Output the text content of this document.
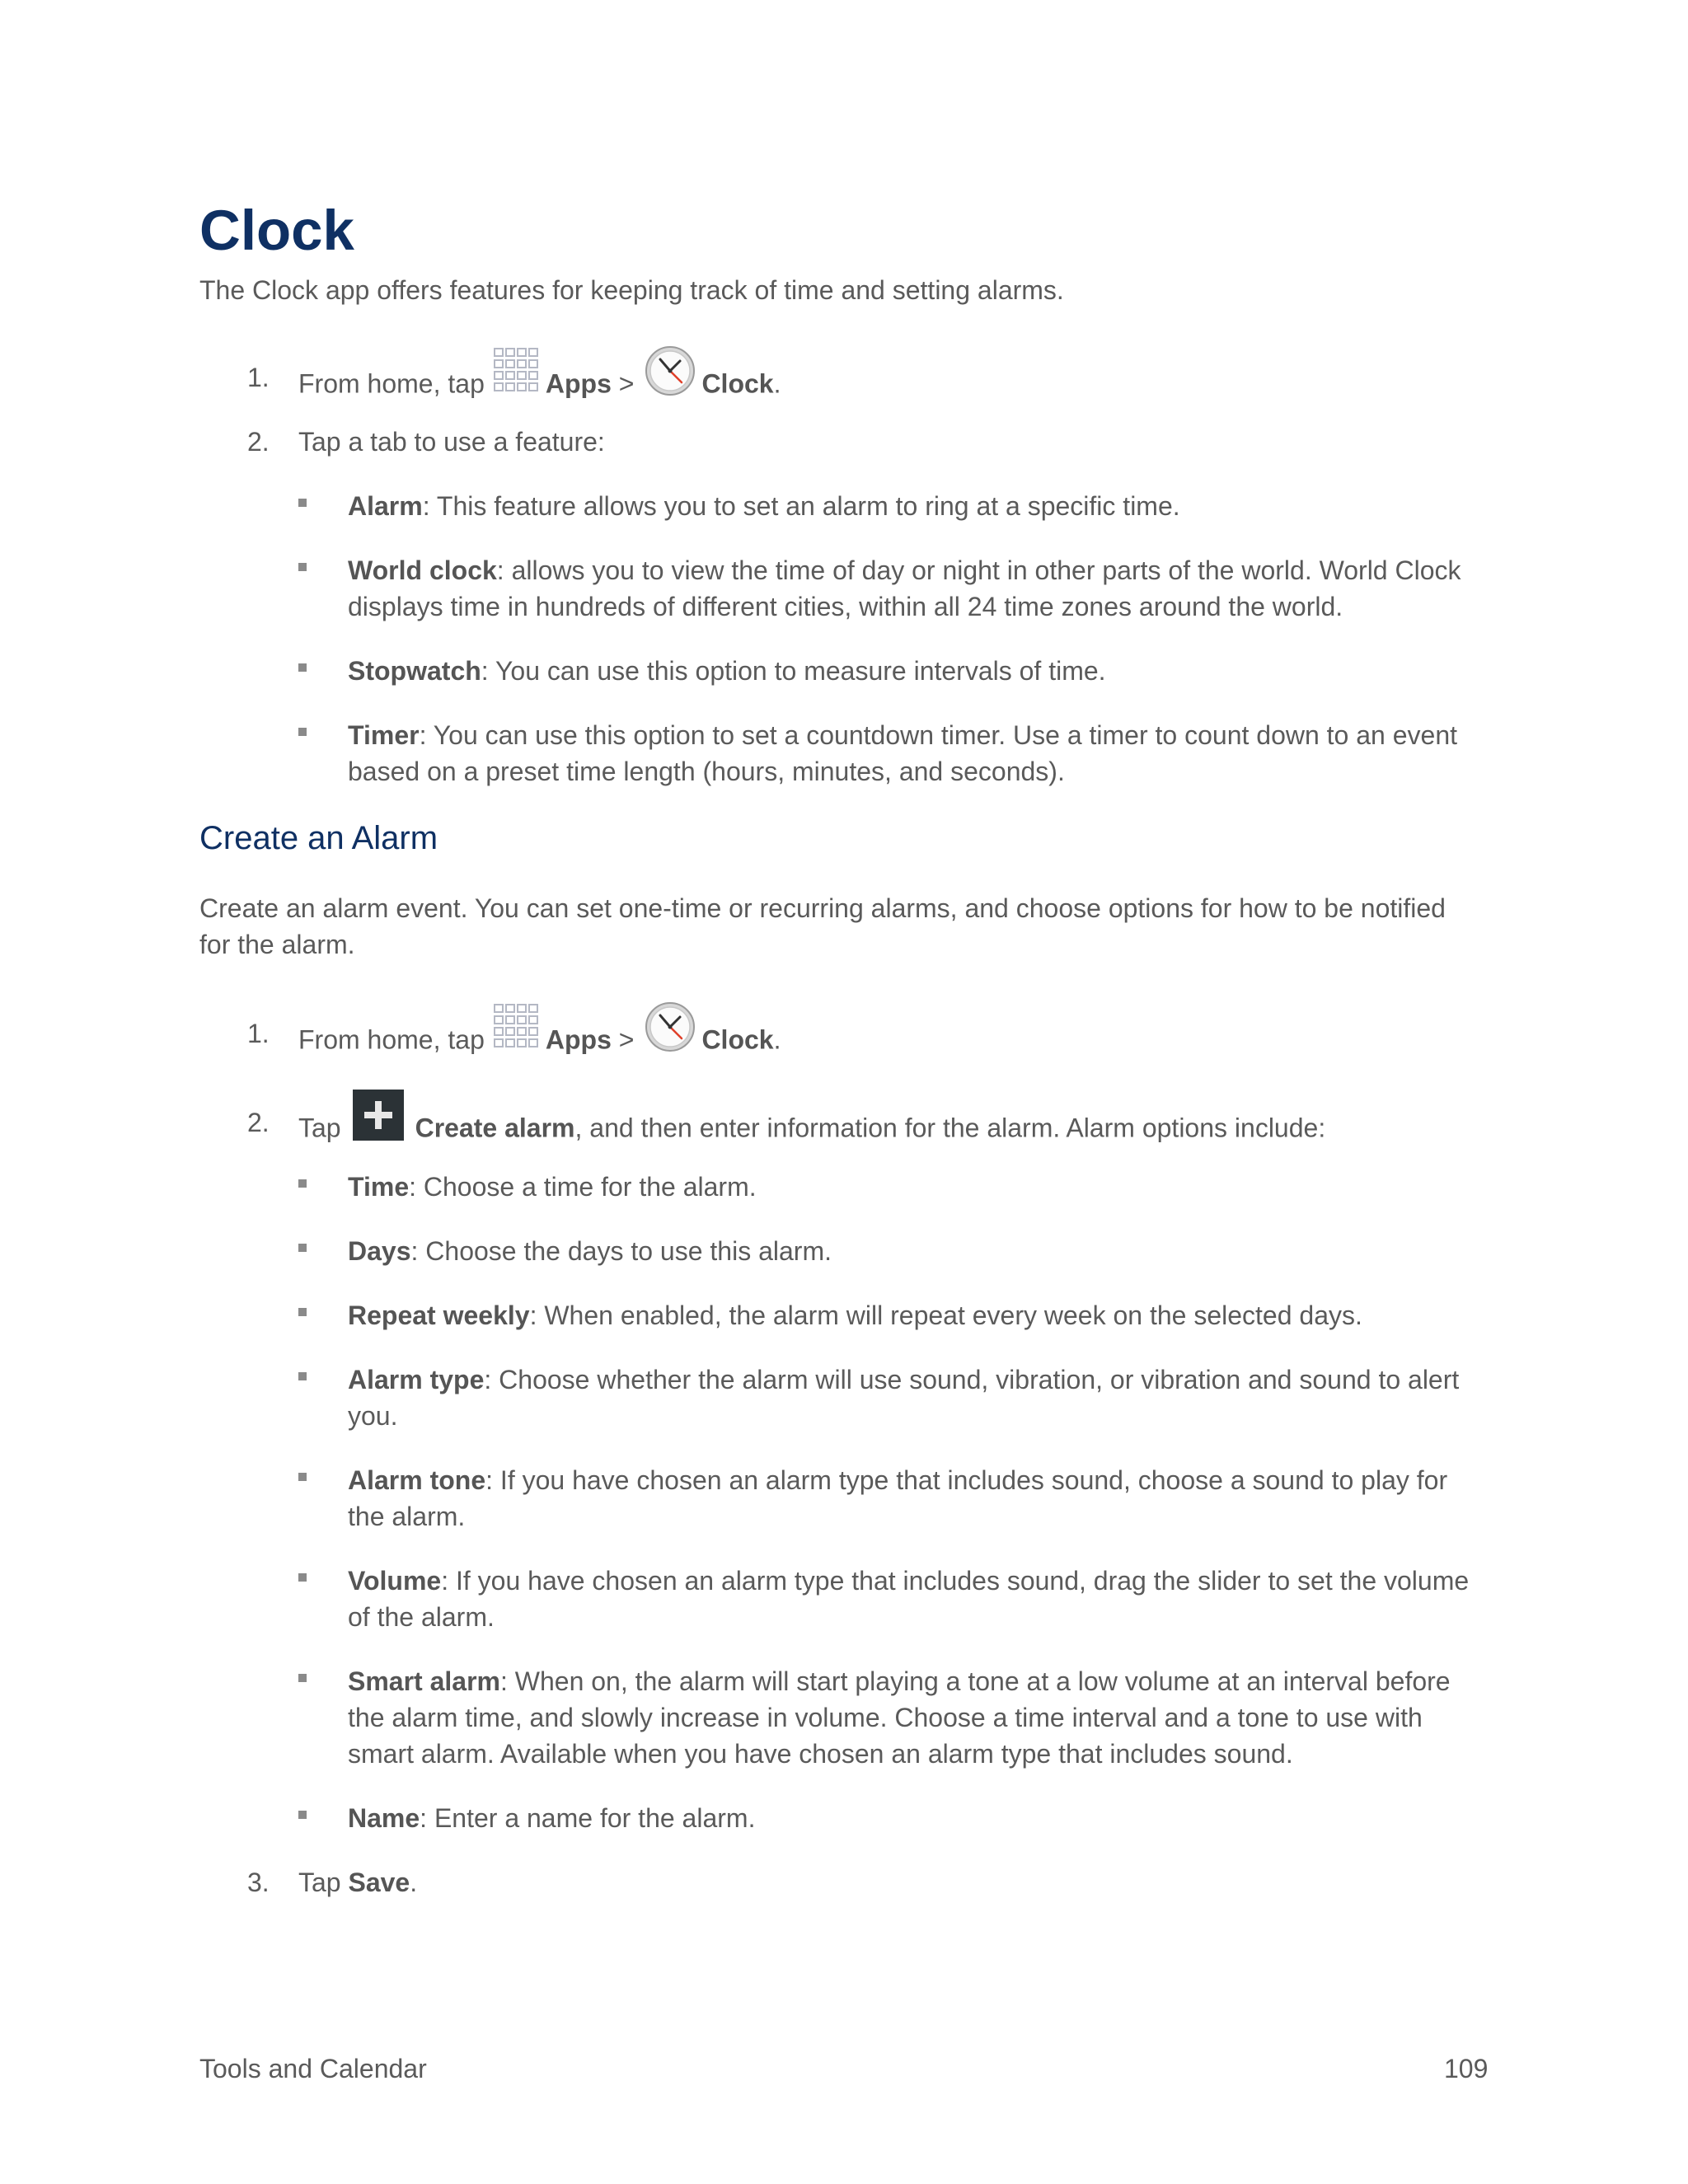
Clock
The Clock app offers features for keeping track of time and setting alarms.
1.	From home, tap Apps >	Clock.
2.	Tap a tab to use a feature:
Alarm: This feature allows you to set an alarm to ring at a specific time.
World clock: allows you to view the time of day or night in other parts of the world. World Clock displays time in hundreds of different cities, within all 24 time zones around the world.
Stopwatch: You can use this option to measure intervals of time.
Timer: You can use this option to set a countdown timer. Use a timer to count down to an event based on a preset time length (hours, minutes, and seconds).
Create an Alarm
Create an alarm event. You can set one-time or recurring alarms, and choose options for how to be notified for the alarm.
1.	From home, tap Apps >	Clock.
2.	Tap	Create alarm, and then enter information for the alarm. Alarm options include:
Time: Choose a time for the alarm.
Days: Choose the days to use this alarm.
Repeat weekly: When enabled, the alarm will repeat every week on the selected days.
Alarm type: Choose whether the alarm will use sound, vibration, or vibration and sound to alert you.
Alarm tone: If you have chosen an alarm type that includes sound, choose a sound to play for the alarm.
Volume: If you have chosen an alarm type that includes sound, drag the slider to set the volume of the alarm.
Smart alarm: When on, the alarm will start playing a tone at a low volume at an interval before the alarm time, and slowly increase in volume. Choose a time interval and a tone to use with smart alarm. Available when you have chosen an alarm type that includes sound.
Name: Enter a name for the alarm.
3.	Tap Save.
Tools and Calendar	109
